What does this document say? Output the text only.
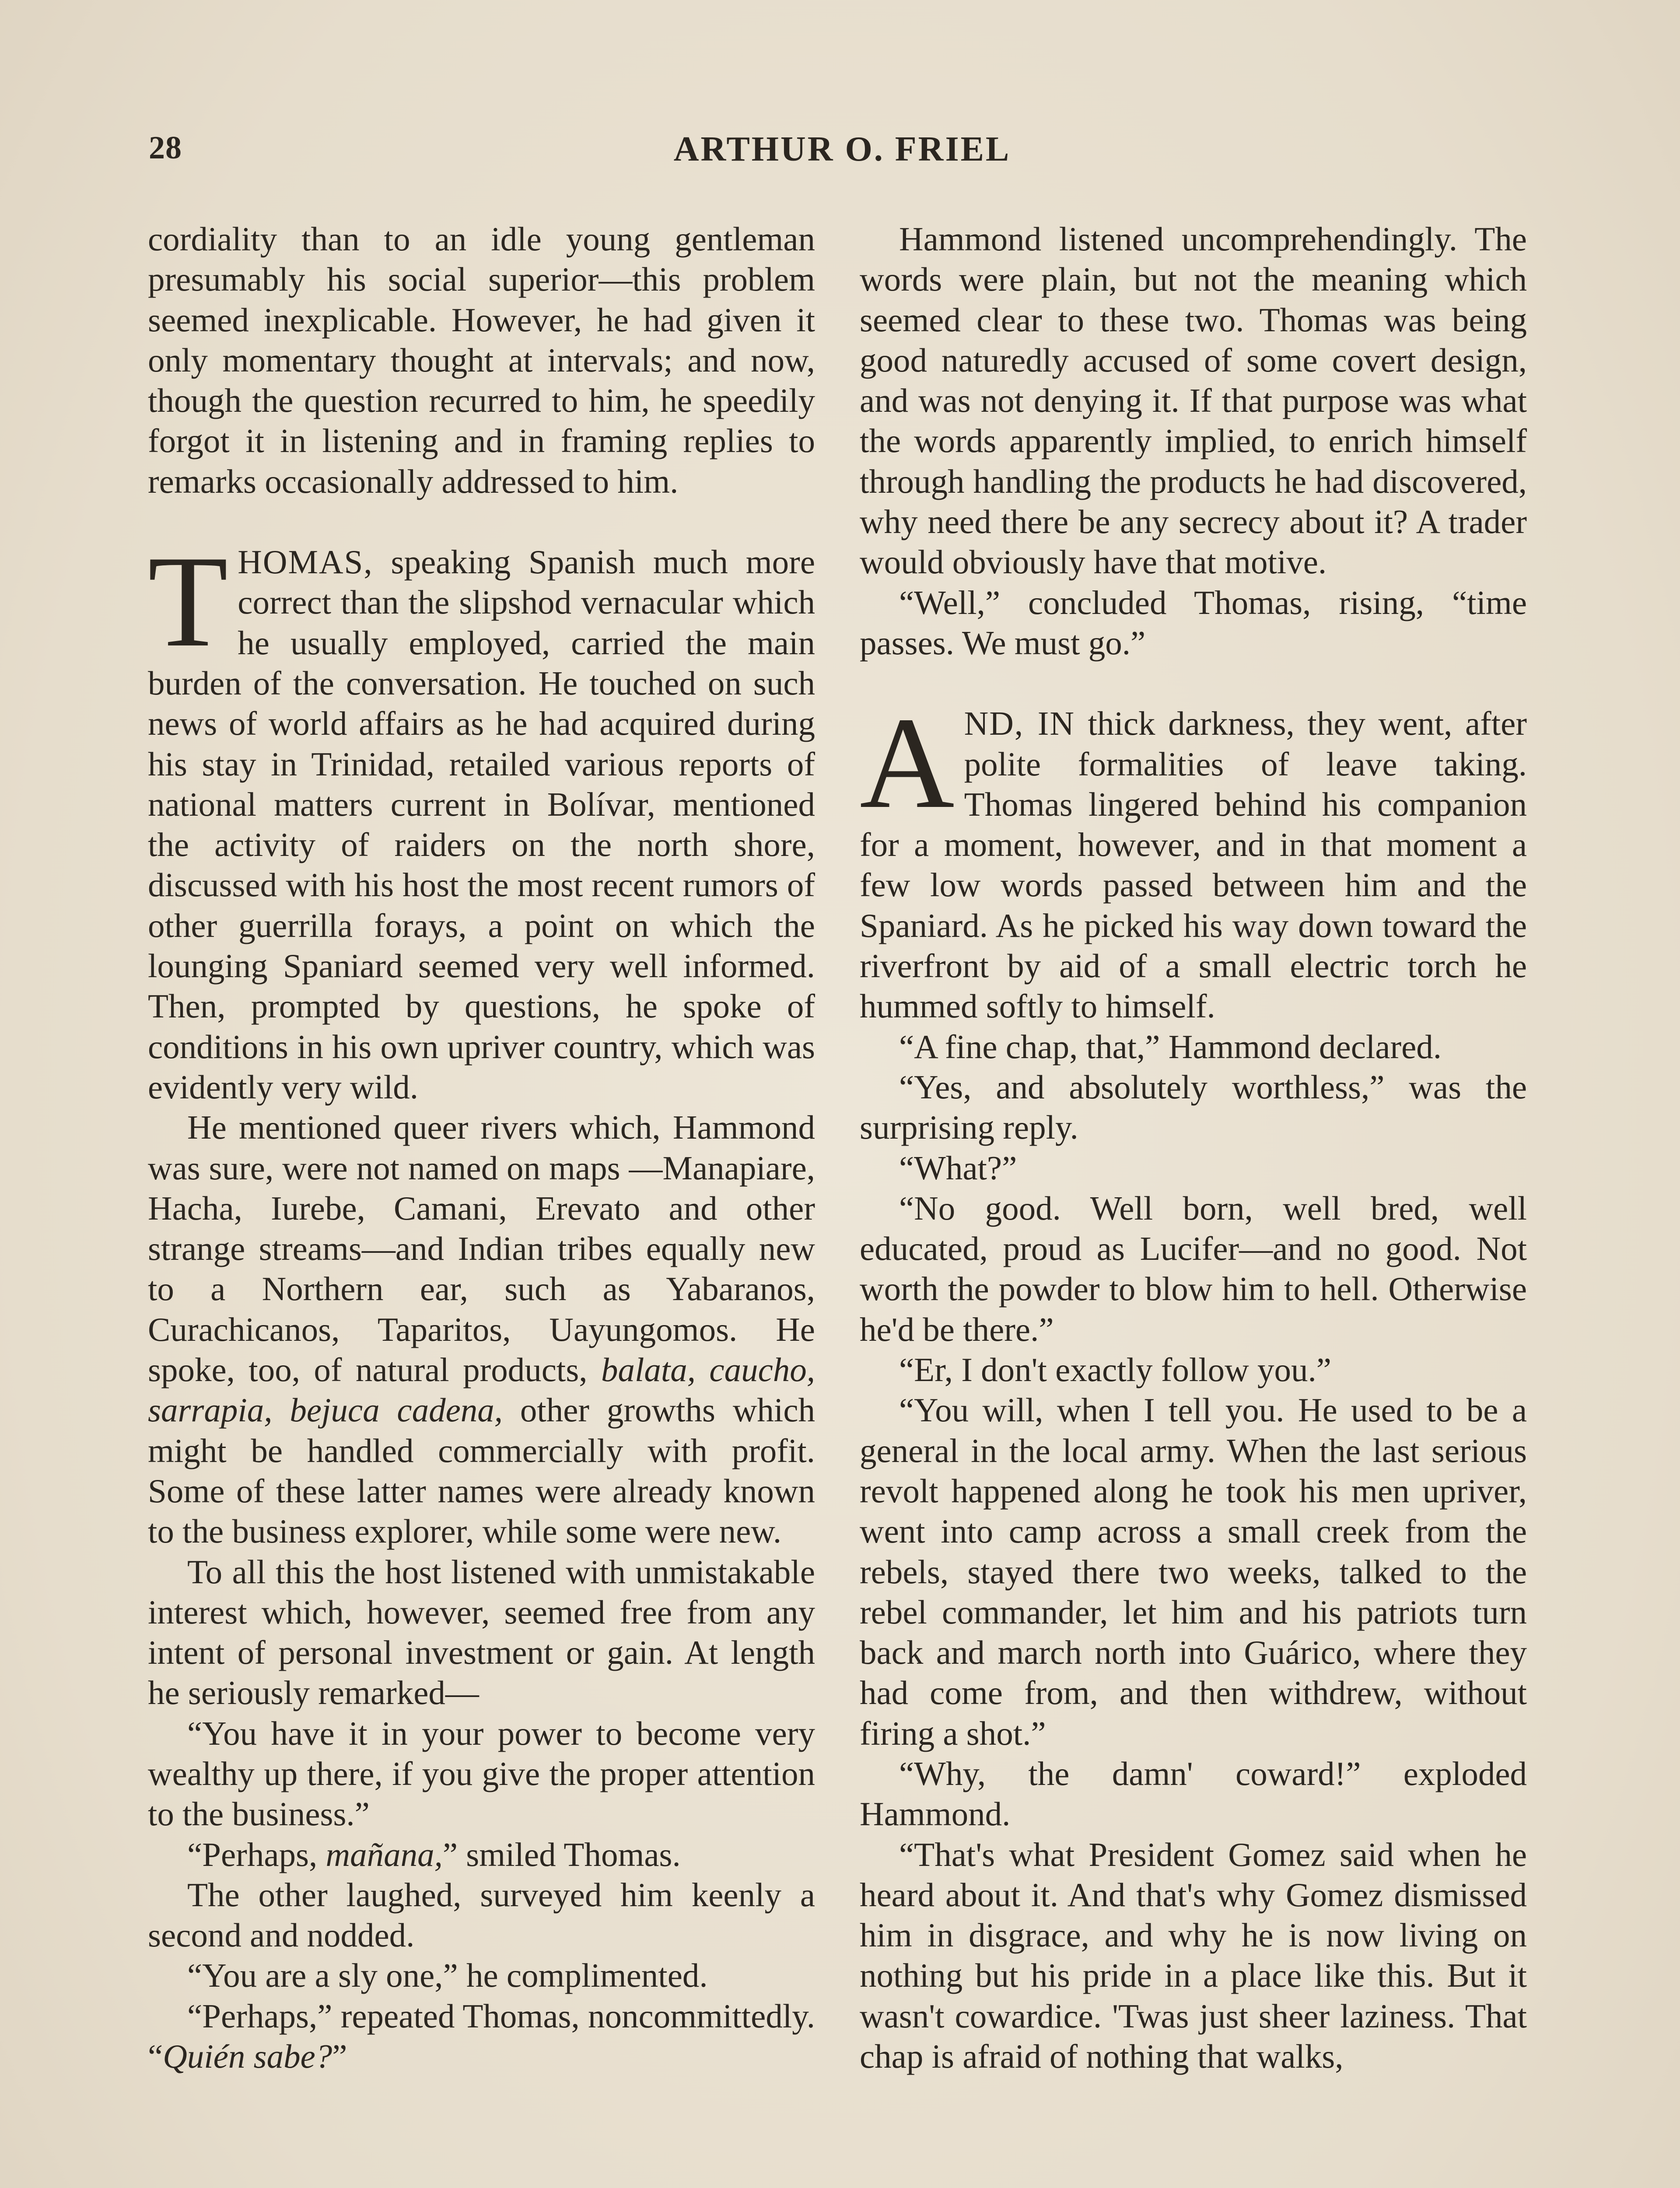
28	ARTHUR O. FRIEL

cordiality than to an idle young gentleman presumably his social superior—this problem seemed inexplicable. However, he had given it only momentary thought at intervals; and now, though the question recurred to him, he speedily forgot it in listening and in framing replies to remarks occasionally addressed to him.

THOMAS, speaking Spanish much more correct than the slipshod vernacular which he usually employed, carried the main burden of the conversation. He touched on such news of world affairs as he had acquired during his stay in Trinidad, retailed various reports of national matters current in Bolívar, mentioned the activity of raiders on the north shore, discussed with his host the most recent rumors of other guerrilla forays, a point on which the lounging Spaniard seemed very well informed. Then, prompted by questions, he spoke of conditions in his own upriver country, which was evidently very wild.

He mentioned queer rivers which, Hammond was sure, were not named on maps —Manapiare, Hacha, Iurebe, Camani, Erevato and other strange streams—and Indian tribes equally new to a Northern ear, such as Yabaranos, Curachicanos, Taparitos, Uayungomos. He spoke, too, of natural products, balata, caucho, sarrapia, bejuca cadena, other growths which might be handled commercially with profit. Some of these latter names were already known to the business explorer, while some were new.

To all this the host listened with unmistakable interest which, however, seemed free from any intent of personal investment or gain. At length he seriously remarked—

“You have it in your power to become very wealthy up there, if you give the proper attention to the business.”

“Perhaps, mañana,” smiled Thomas.

The other laughed, surveyed him keenly a second and nodded.

“You are a sly one,” he complimented.

“Perhaps,” repeated Thomas, noncommittedly. “Quién sabe?”

Hammond listened uncomprehendingly. The words were plain, but not the meaning which seemed clear to these two. Thomas was being good naturedly accused of some covert design, and was not denying it. If that purpose was what the words apparently implied, to enrich himself through handling the products he had discovered, why need there be any secrecy about it? A trader would obviously have that motive.

“Well,” concluded Thomas, rising, “time passes. We must go.”

AND, IN thick darkness, they went, after polite formalities of leave taking. Thomas lingered behind his companion for a moment, however, and in that moment a few low words passed between him and the Spaniard. As he picked his way down toward the riverfront by aid of a small electric torch he hummed softly to himself.

“A fine chap, that,” Hammond declared.

“Yes, and absolutely worthless,” was the surprising reply.

“What?”

“No good. Well born, well bred, well educated, proud as Lucifer—and no good. Not worth the powder to blow him to hell. Otherwise he'd be there.”

“Er, I don't exactly follow you.”

“You will, when I tell you. He used to be a general in the local army. When the last serious revolt happened along he took his men upriver, went into camp across a small creek from the rebels, stayed there two weeks, talked to the rebel commander, let him and his patriots turn back and march north into Guárico, where they had come from, and then withdrew, without firing a shot.”

“Why, the damn' coward!” exploded Hammond.

“That's what President Gomez said when he heard about it. And that's why Gomez dismissed him in disgrace, and why he is now living on nothing but his pride in a place like this. But it wasn't cowardice. 'Twas just sheer laziness. That chap is afraid of nothing that walks,
